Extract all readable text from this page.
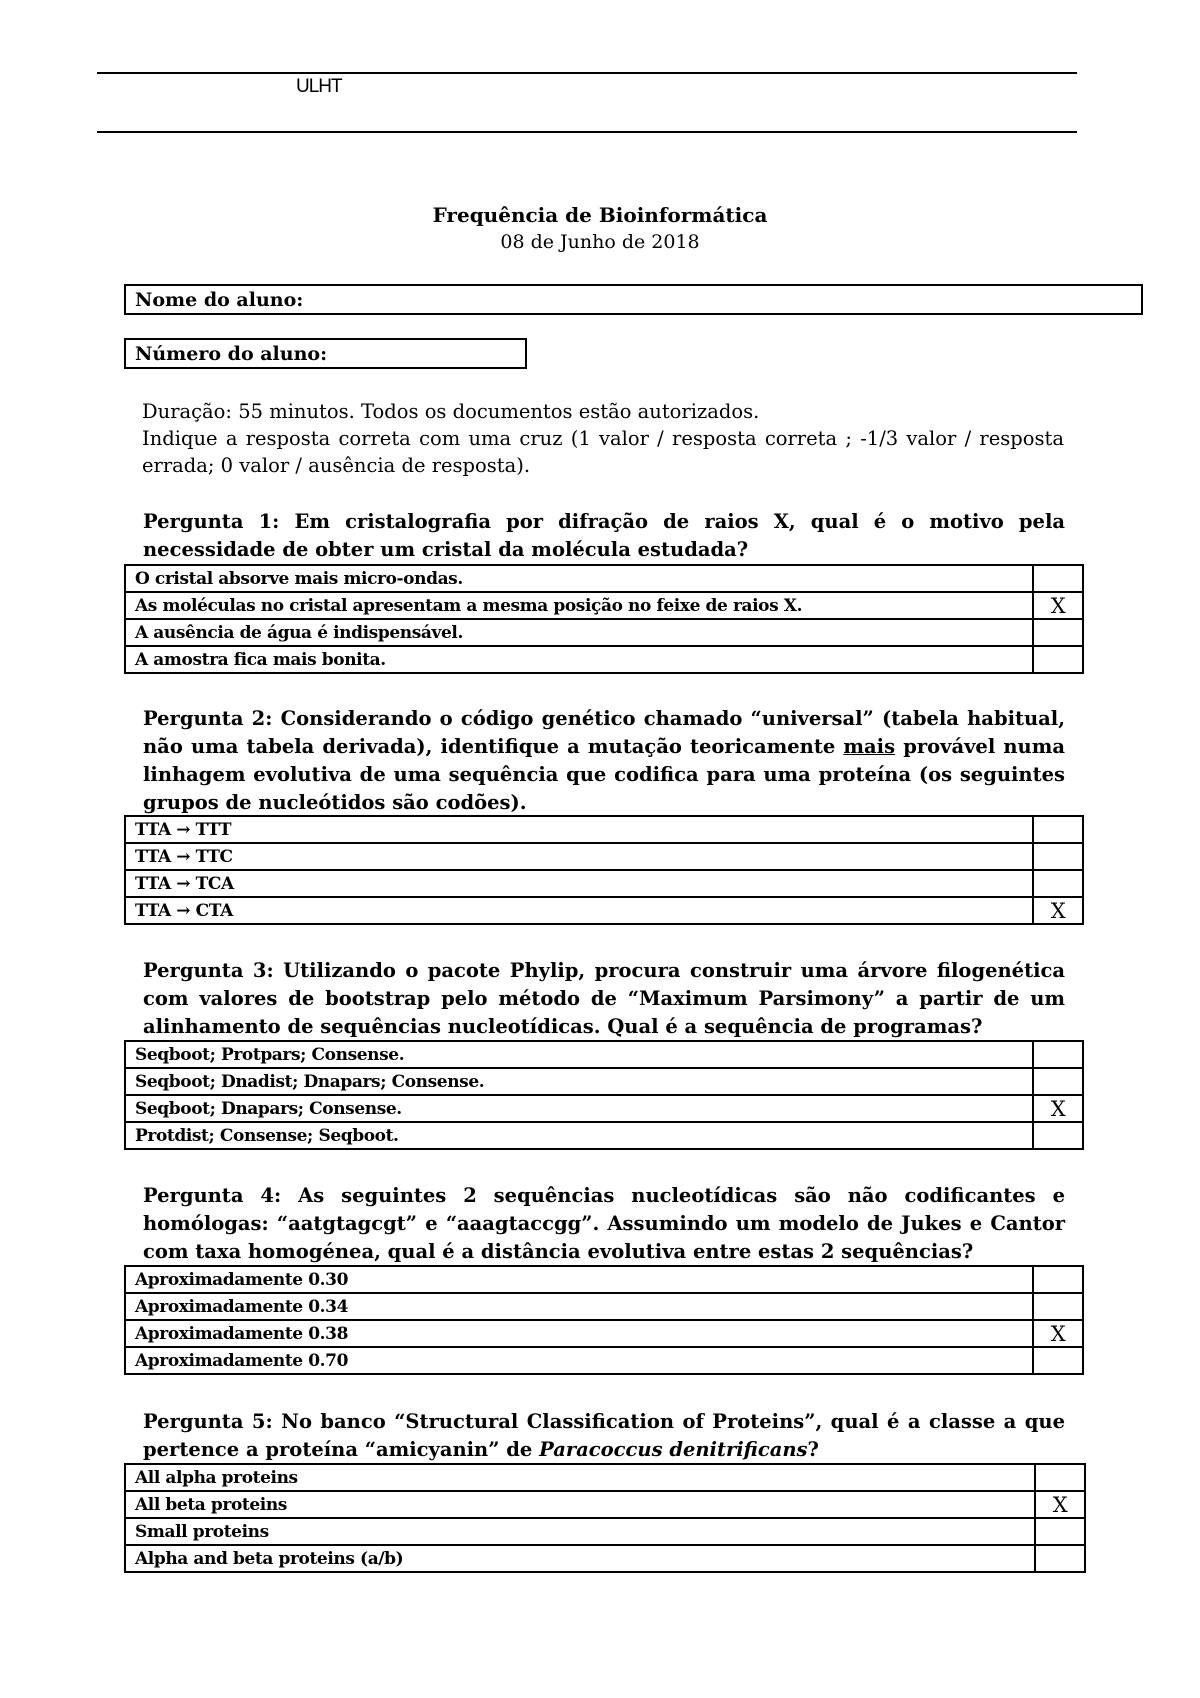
ULHT
Frequência de Bioinformática
08 de Junho de 2018
Nome do aluno:
Número do aluno:
Duração: 55 minutos. Todos os documentos estão autorizados.
Indique a resposta correta com uma cruz (1 valor / resposta correta ; -1/3 valor / resposta errada; 0 valor / ausência de resposta).
Pergunta 1: Em cristalografia por difração de raios X, qual é o motivo pela necessidade de obter um cristal da molécula estudada?
O cristal absorve mais micro-ondas.	
As moléculas no cristal apresentam a mesma posição no feixe de raios X.	X
A ausência de água é indispensável.	
A amostra fica mais bonita.	
Pergunta 2: Considerando o código genético chamado “universal” (tabela habitual, não uma tabela derivada), identifique a mutação teoricamente mais provável numa linhagem evolutiva de uma sequência que codifica para uma proteína (os seguintes grupos de nucleótidos são codões).
TTA → TTT	
TTA → TTC	
TTA → TCA	
TTA → CTA	X
Pergunta 3: Utilizando o pacote Phylip, procura construir uma árvore filogenética com valores de bootstrap pelo método de “Maximum Parsimony” a partir de um alinhamento de sequências nucleotídicas. Qual é a sequência de programas?
Seqboot; Protpars; Consense.	
Seqboot; Dnadist; Dnapars; Consense.	
Seqboot; Dnapars; Consense.	X
Protdist; Consense; Seqboot.	
Pergunta 4: As seguintes 2 sequências nucleotídicas são não codificantes e homólogas: “aatgtagcgt” e “aaagtaccgg”. Assumindo um modelo de Jukes e Cantor com taxa homogénea, qual é a distância evolutiva entre estas 2 sequências?
Aproximadamente 0.30	
Aproximadamente 0.34	
Aproximadamente 0.38	X
Aproximadamente 0.70	
Pergunta 5: No banco “Structural Classification of Proteins”, qual é a classe a que pertence a proteína “amicyanin” de Paracoccus denitrificans?
All alpha proteins	
All beta proteins	X
Small proteins	
Alpha and beta proteins (a/b)	
